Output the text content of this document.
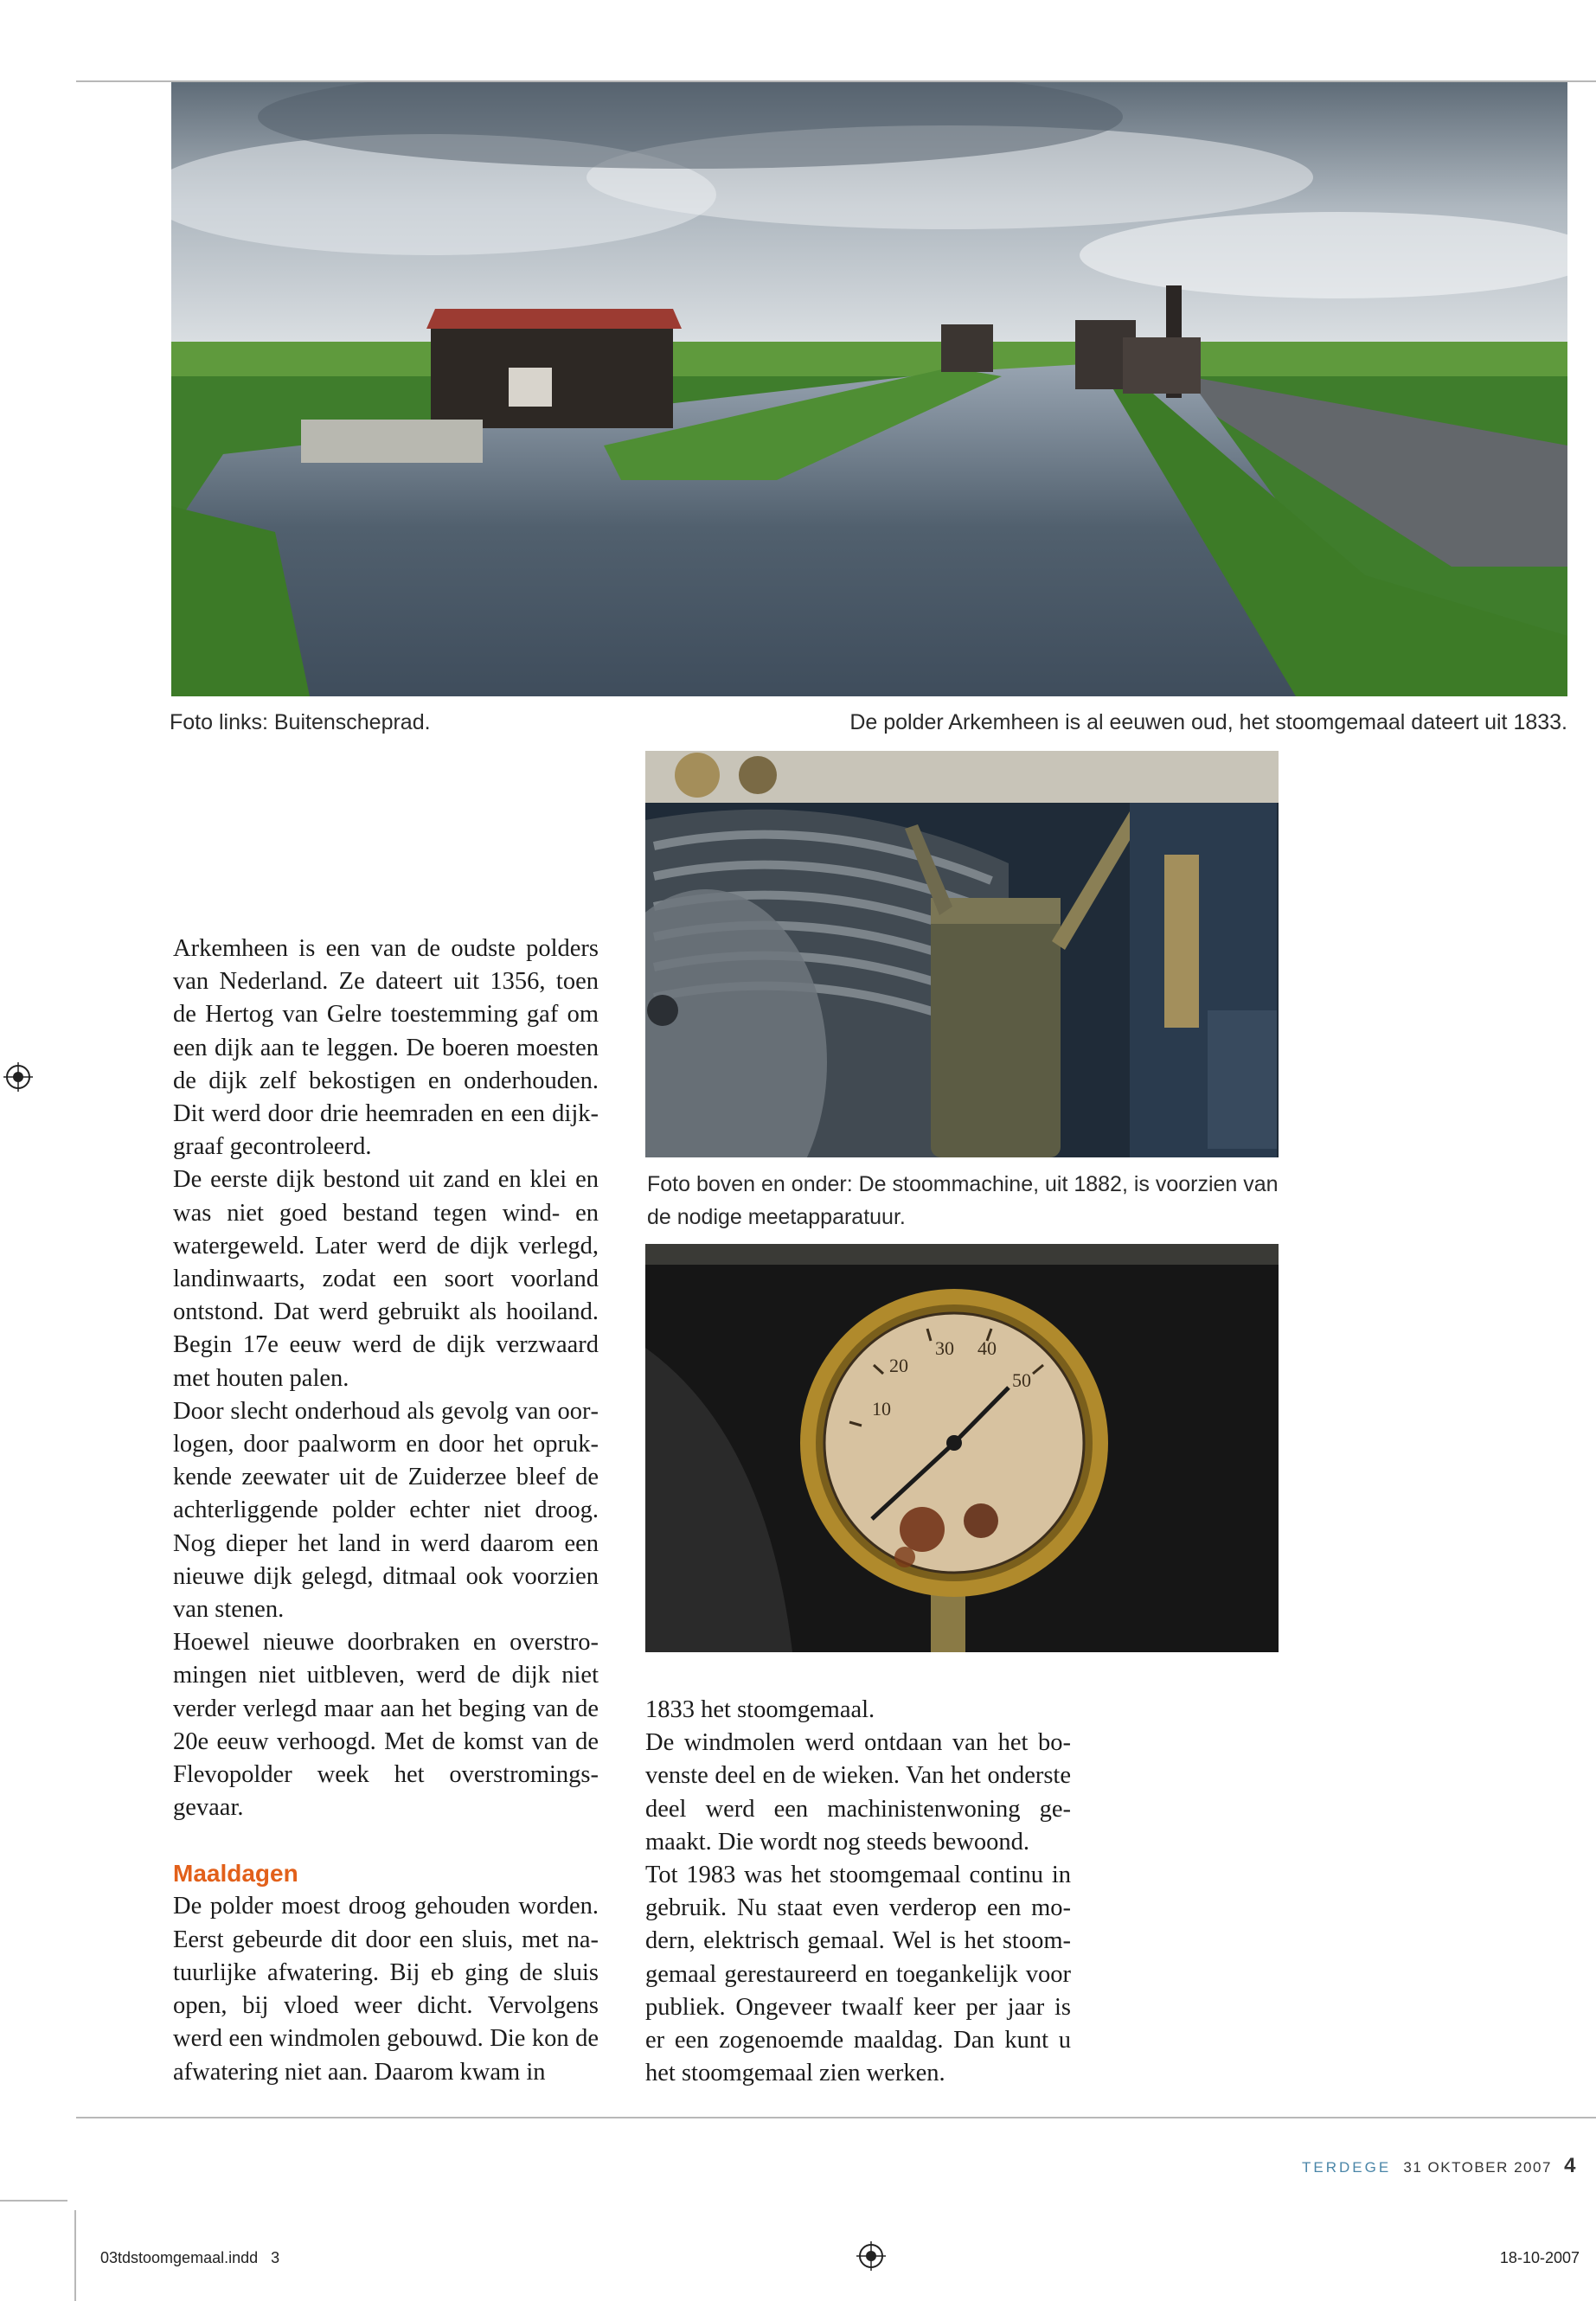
Foto links: Buitenscheprad.	De polder Arkemheen is al eeuwen oud, het stoomgemaal dateert uit 1833.
Foto boven en onder: De stoommachine, uit 1882, is voorzien van de nodige meetapparatuur.
10
20
30 40
50

Arkemheen is een van de oudste polders van Nederland. Ze dateert uit 1356, toen de Hertog van Gelre toestemming gaf om een dijk aan te leggen. De boeren moesten de dijk zelf bekostigen en onderhouden. Dit werd door drie heemraden en een dijkgraaf gecontroleerd.

De eerste dijk bestond uit zand en klei en was niet goed bestand tegen wind- en watergeweld. Later werd de dijk verlegd, landinwaarts, zodat een soort voorland ontstond. Dat werd gebruikt als hooiland. Begin 17e eeuw werd de dijk verzwaard met houten palen.

Door slecht onderhoud als gevolg van oorlogen, door paalworm en door het oprukkende zeewater uit de Zuiderzee bleef de achterliggende polder echter niet droog. Nog dieper het land in werd daarom een nieuwe dijk gelegd, ditmaal ook voorzien van stenen.

Hoewel nieuwe doorbraken en overstromingen niet uitbleven, werd de dijk niet verder verlegd maar aan het beging van de 20e eeuw verhoogd. Met de komst van de Flevopolder week het overstromingsgevaar.

Maaldagen

De polder moest droog gehouden worden. Eerst gebeurde dit door een sluis, met natuurlijke afwatering. Bij eb ging de sluis open, bij vloed weer dicht. Vervolgens werd een windmolen gebouwd. Die kon de afwatering niet aan. Daarom kwam in

1833 het stoomgemaal.

De windmolen werd ontdaan van het bovenste deel en de wieken. Van het onderste deel werd een machinistenwoning gemaakt. Die wordt nog steeds bewoond.

Tot 1983 was het stoomgemaal continu in gebruik. Nu staat even verderop een modern, elektrisch gemaal. Wel is het stoomgemaal gerestaureerd en toegankelijk voor publiek. Ongeveer twaalf keer per jaar is er een zogenoemde maaldag. Dan kunt u het stoomgemaal zien werken.

TERDEGE 31 OKTOBER 2007 4
03tdstoomgemaal.indd 3	18-10-2007
